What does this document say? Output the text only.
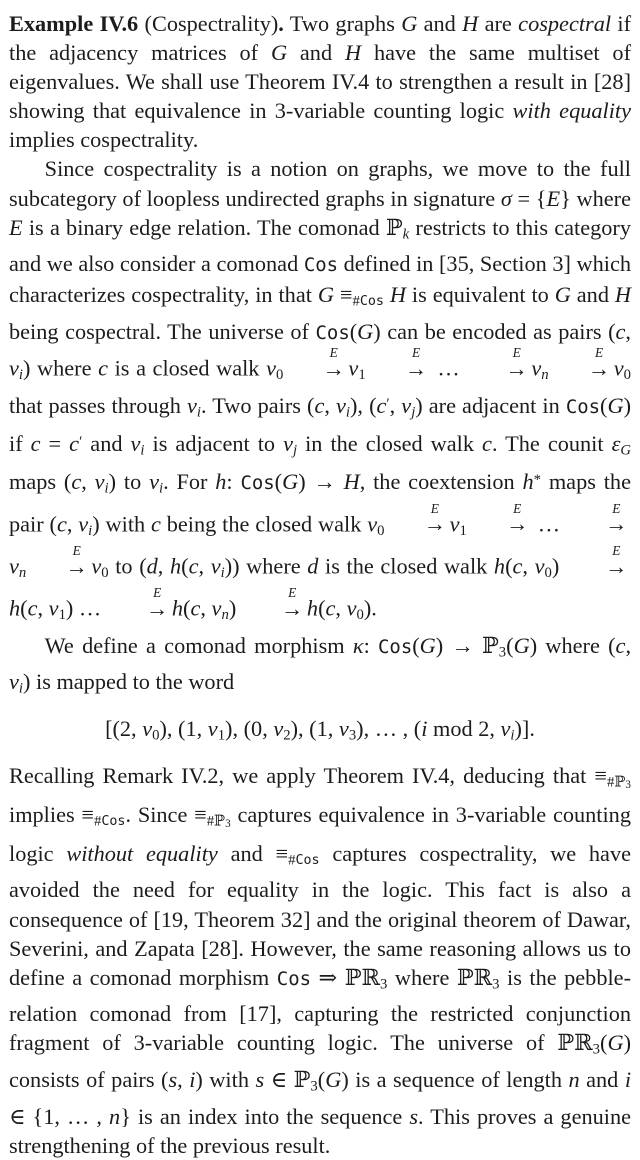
Example IV.6 (Cospectrality). Two graphs G and H are cospectral if the adjacency matrices of G and H have the same multiset of eigenvalues. We shall use Theorem IV.4 to strengthen a result in [28] showing that equivalence in 3-variable counting logic with equality implies cospectrality.

Since cospectrality is a notion on graphs, we move to the full subcategory of loopless undirected graphs in signature σ = {E} where E is a binary edge relation. The comonad ℙk restricts to this category and we also consider a comonad Cos defined in [35, Section 3] which characterizes cospectrality, in that G ≡#Cos H is equivalent to G and H being cospectral. The universe of Cos(G) can be encoded as pairs (c, vi) where c is a closed walk v0
E
→ v1
E
→ …
E
→ vn
E
→ v0 that passes through vi. Two pairs (c, vi), (c′, vj) are adjacent in Cos(G) if c = c′ and vi is adjacent to vj in the closed walk c. The counit εG maps (c, vi) to vi. For h: Cos(G) → H, the coextension h* maps the pair (c, vi) with c being the closed walk v0
E
→ v1
E
→ …
E
→
vn
E
→ v0 to (d, h(c, vi)) where d is the closed walk h(c, v0)
E
→
h(c, v1) …
E
→ h(c, vn)
E
→ h(c, v0).

We define a comonad morphism κ: Cos(G) → ℙ3(G) where (c, vi) is mapped to the word

[(2, v0), (1, v1), (0, v2), (1, v3), … , (i mod 2, vi)].

Recalling Remark IV.2, we apply Theorem IV.4, deducing that ≡#ℙ$_3$ implies ≡#Cos. Since ≡#ℙ$_3$ captures equivalence in 3-variable counting logic without equality and ≡#Cos captures cospectrality, we have avoided the need for equality in the logic. This fact is also a consequence of [19, Theorem 32] and the original theorem of Dawar, Severini, and Zapata [28]. However, the same reasoning allows us to define a comonad morphism Cos ⇒ ℙℝ3 where ℙℝ3 is the pebble-relation comonad from [17], capturing the restricted conjunction fragment of 3-variable counting logic. The universe of ℙℝ3(G) consists of pairs (s, i) with s ∈ ℙ3(G) is a sequence of length n and i ∈ {1, … , n} is an index into the sequence s. This proves a genuine strengthening of the previous result.
